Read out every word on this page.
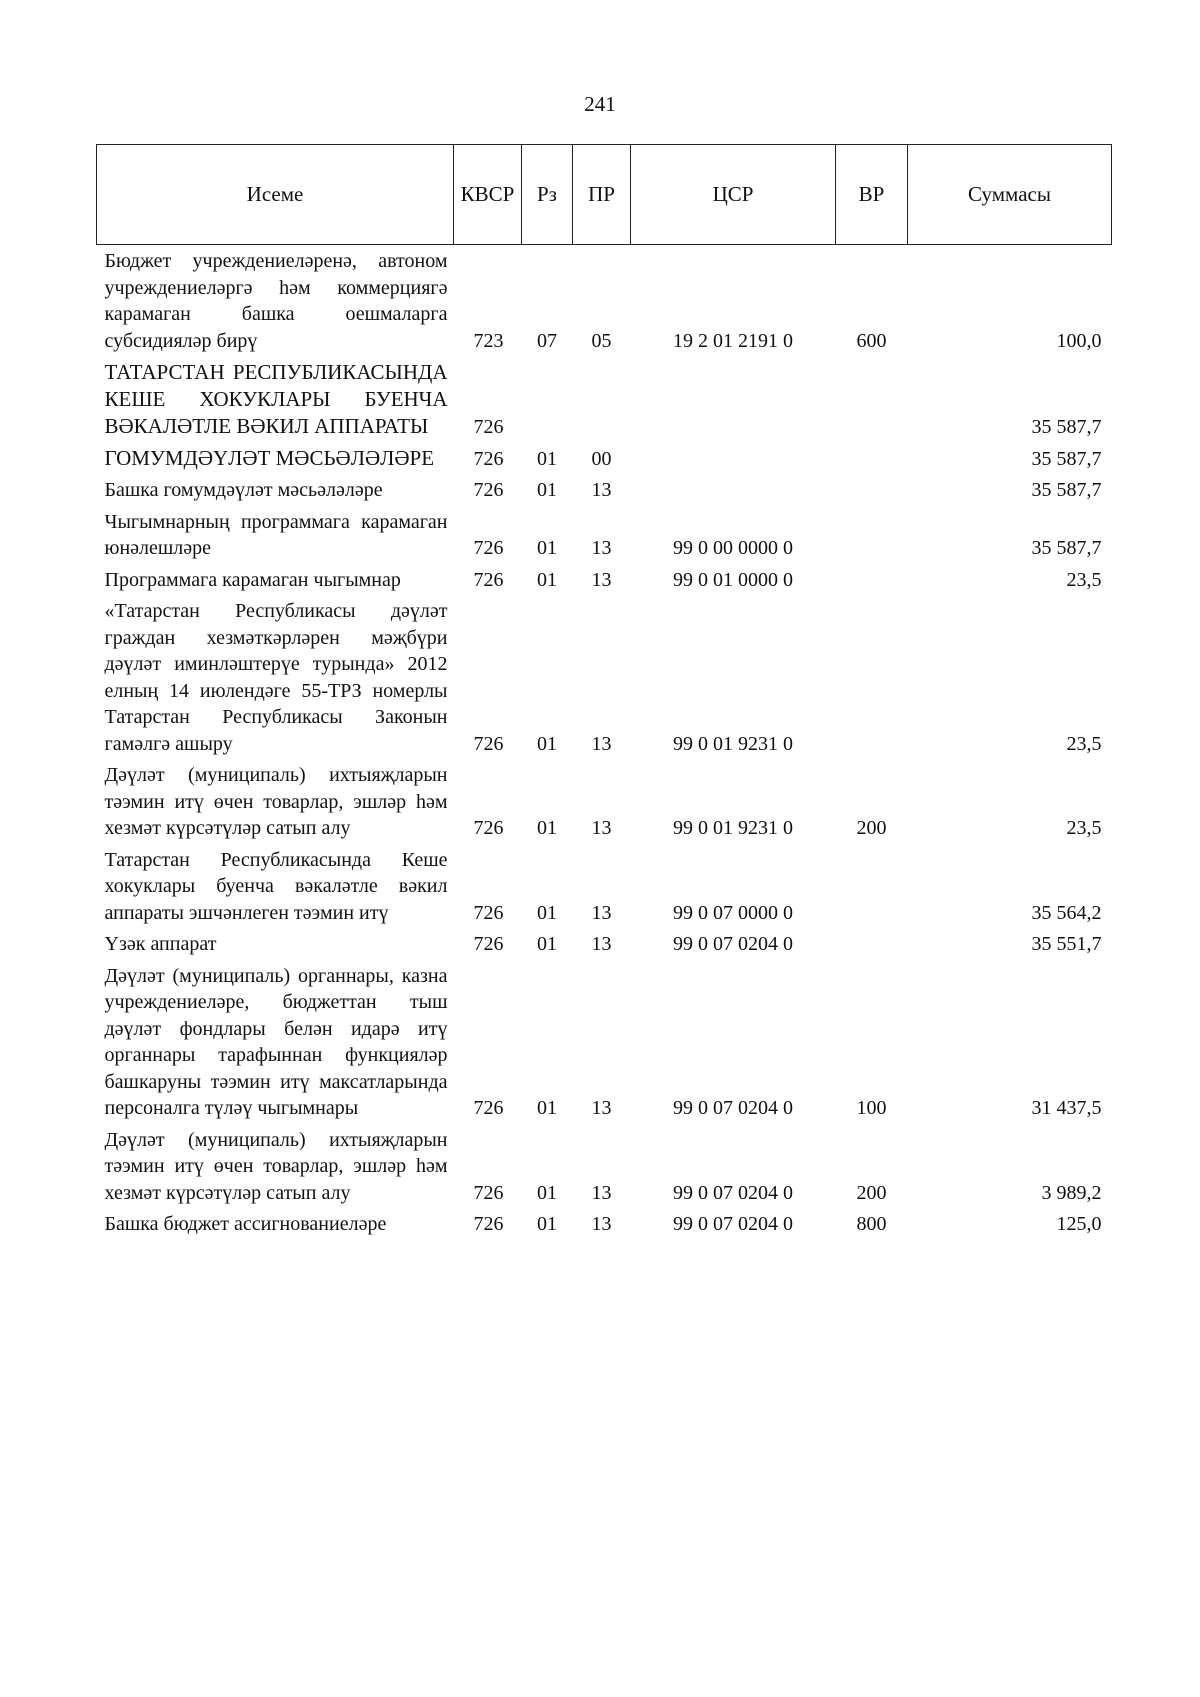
241
Исеме	КВСР	Рз	ПР	ЦСР	ВР	Суммасы
Бюджет учреждениеләренә, автоном учреждениеләргә һәм коммерциягә карамаган башка оешмаларга субсидияләр бирү	723	07	05	19 2 01 2191 0	600	100,0
ТАТАРСТАН РЕСПУБЛИКАСЫНДА КЕШЕ ХОКУКЛАРЫ БУЕНЧА ВӘКАЛӘТЛЕ ВӘКИЛ АППАРАТЫ	726					35 587,7
ГОМУМДӘҮЛӘТ МӘСЬӘЛӘЛӘРЕ	726	01	00			35 587,7
Башка гомумдәүләт мәсьәләләре	726	01	13			35 587,7
Чыгымнарның программага карамаган юнәлешләре	726	01	13	99 0 00 0000 0		35 587,7
Программага карамаган чыгымнар	726	01	13	99 0 01 0000 0		23,5
«Татарстан Республикасы дәүләт граждан хезмәткәрләрен мәҗбүри дәүләт иминләштерүе турында» 2012 елның 14 июлендәге 55-ТРЗ номерлы Татарстан Республикасы Законын гамәлгә ашыру	726	01	13	99 0 01 9231 0		23,5
Дәүләт (муниципаль) ихтыяҗларын тәэмин итү өчен товарлар, эшләр һәм хезмәт күрсәтүләр сатып алу	726	01	13	99 0 01 9231 0	200	23,5
Татарстан Республикасында Кеше хокуклары буенча вәкаләтле вәкил аппараты эшчәнлеген тәэмин итү	726	01	13	99 0 07 0000 0		35 564,2
Үзәк аппарат	726	01	13	99 0 07 0204 0		35 551,7
Дәүләт (муниципаль) органнары, казна учреждениеләре, бюджеттан тыш дәүләт фондлары белән идарә итү органнары тарафыннан функцияләр башкаруны тәэмин итү максатларында персоналга түләү чыгымнары	726	01	13	99 0 07 0204 0	100	31 437,5
Дәүләт (муниципаль) ихтыяҗларын тәэмин итү өчен товарлар, эшләр һәм хезмәт күрсәтүләр сатып алу	726	01	13	99 0 07 0204 0	200	3 989,2
Башка бюджет ассигнованиеләре	726	01	13	99 0 07 0204 0	800	125,0
